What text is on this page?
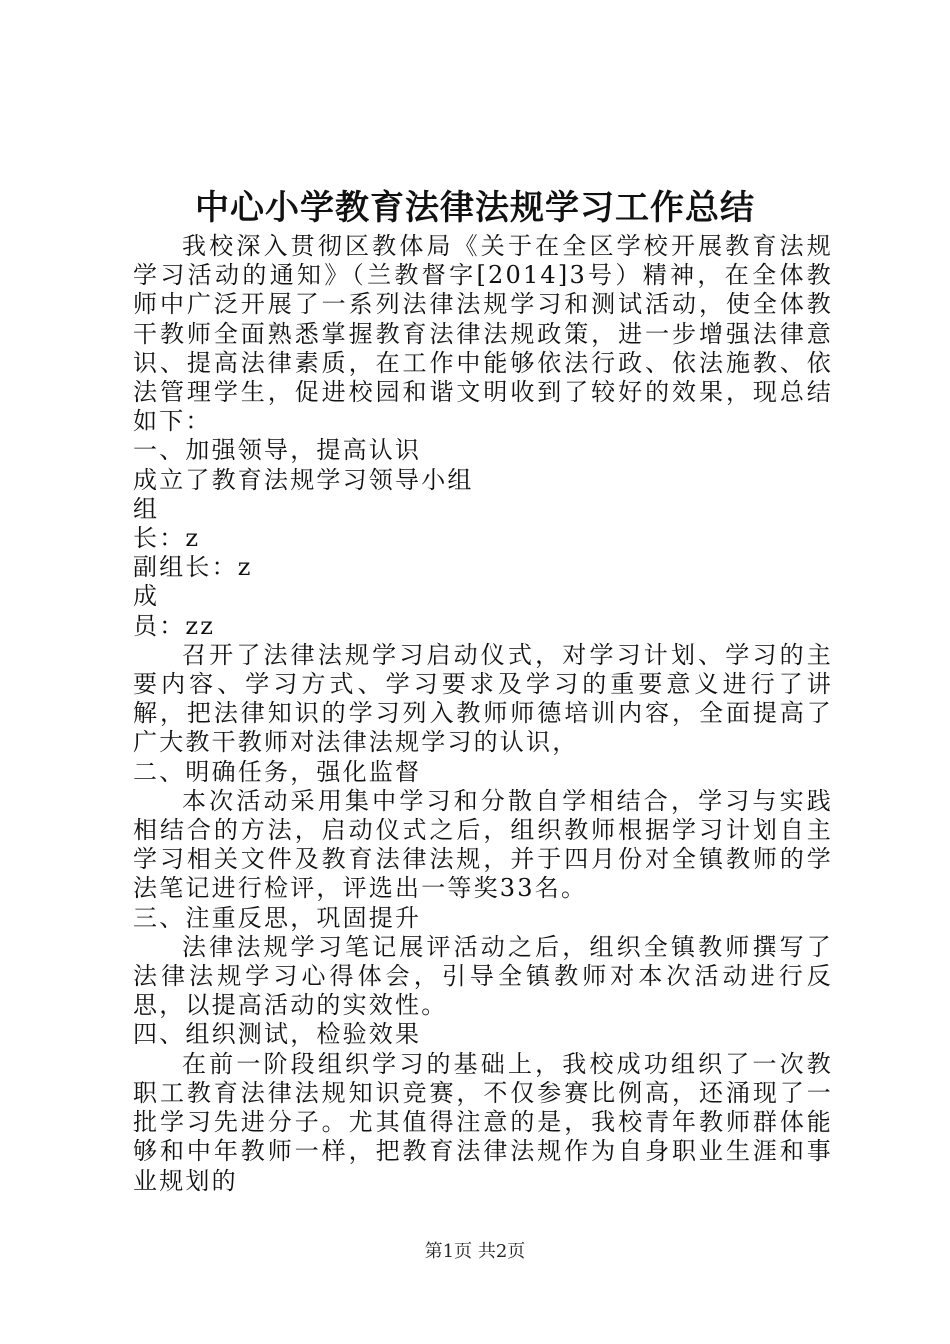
中心小学教育法律法规学习工作总结

我校深入贯彻区教体局《关于在全区学校开展教育法规学习活动的通知》（兰教督字[2014]3号）精神，在全体教师中广泛开展了一系列法律法规学习和测试活动，使全体教干教师全面熟悉掌握教育法律法规政策，进一步增强法律意识、提高法律素质，在工作中能够依法行政、依法施教、依法管理学生，促进校园和谐文明收到了较好的效果，现总结如下：

一、加强领导，提高认识

成立了教育法规学习领导小组

组

长：z

副组长：z

成

员：zz

召开了法律法规学习启动仪式，对学习计划、学习的主要内容、学习方式、学习要求及学习的重要意义进行了讲解，把法律知识的学习列入教师师德培训内容，全面提高了广大教干教师对法律法规学习的认识，

二、明确任务，强化监督

本次活动采用集中学习和分散自学相结合，学习与实践相结合的方法，启动仪式之后，组织教师根据学习计划自主学习相关文件及教育法律法规，并于四月份对全镇教师的学法笔记进行检评，评选出一等奖33名。

三、注重反思，巩固提升

法律法规学习笔记展评活动之后，组织全镇教师撰写了法律法规学习心得体会，引导全镇教师对本次活动进行反思，以提高活动的实效性。

四、组织测试，检验效果

在前一阶段组织学习的基础上，我校成功组织了一次教职工教育法律法规知识竞赛，不仅参赛比例高，还涌现了一批学习先进分子。尤其值得注意的是，我校青年教师群体能够和中年教师一样，把教育法律法规作为自身职业生涯和事业规划的

第1页 共2页
